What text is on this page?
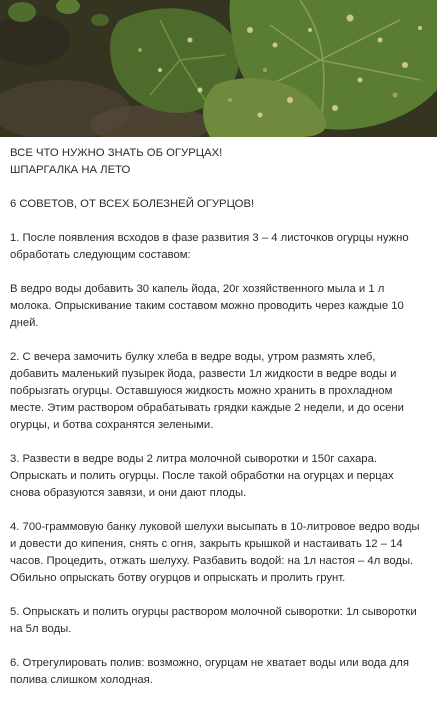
ВСЕ ЧТО НУЖНО ЗНАТЬ ОБ ОГУРЦАХ!
ШПАРГАЛКА НА ЛЕТО

6 СОВЕТОВ, ОТ ВСЕХ БОЛЕЗНЕЙ ОГУРЦОВ!

1. После появления всходов в фазе развития 3 – 4 листочков огурцы нужно
обработать следующим составом:

В ведро воды добавить 30 капель йода, 20г хозяйственного мыла и 1 л
молока. Опрыскивание таким составом можно проводить через каждые 10
дней.

2. С вечера замочить булку хлеба в ведре воды, утром размять хлеб,
добавить маленький пузырек йода, развести 1л жидкости в ведре воды и
побрызгать огурцы. Оставшуюся жидкость можно хранить в прохладном
месте. Этим раствором обрабатывать грядки каждые 2 недели, и до осени
огурцы, и ботва сохранятся зелеными.

3. Развести в ведре воды 2 литра молочной сыворотки и 150г сахара.
Опрыскать и полить огурцы. После такой обработки на огурцах и перцах
снова образуются завязи, и они дают плоды.

4. 700-граммовую банку луковой шелухи высыпать в 10-литровое ведро воды
и довести до кипения, снять с огня, закрыть крышкой и настаивать 12 – 14
часов. Процедить, отжать шелуху. Разбавить водой: на 1л настоя – 4л воды.
Обильно опрыскать ботву огурцов и опрыскать и пролить грунт.

5. Опрыскать и полить огурцы раствором молочной сыворотки: 1л сыворотки
на 5л воды.

6. Отрегулировать полив: возможно, огурцам не хватает воды или вода для
полива слишком холодная.
